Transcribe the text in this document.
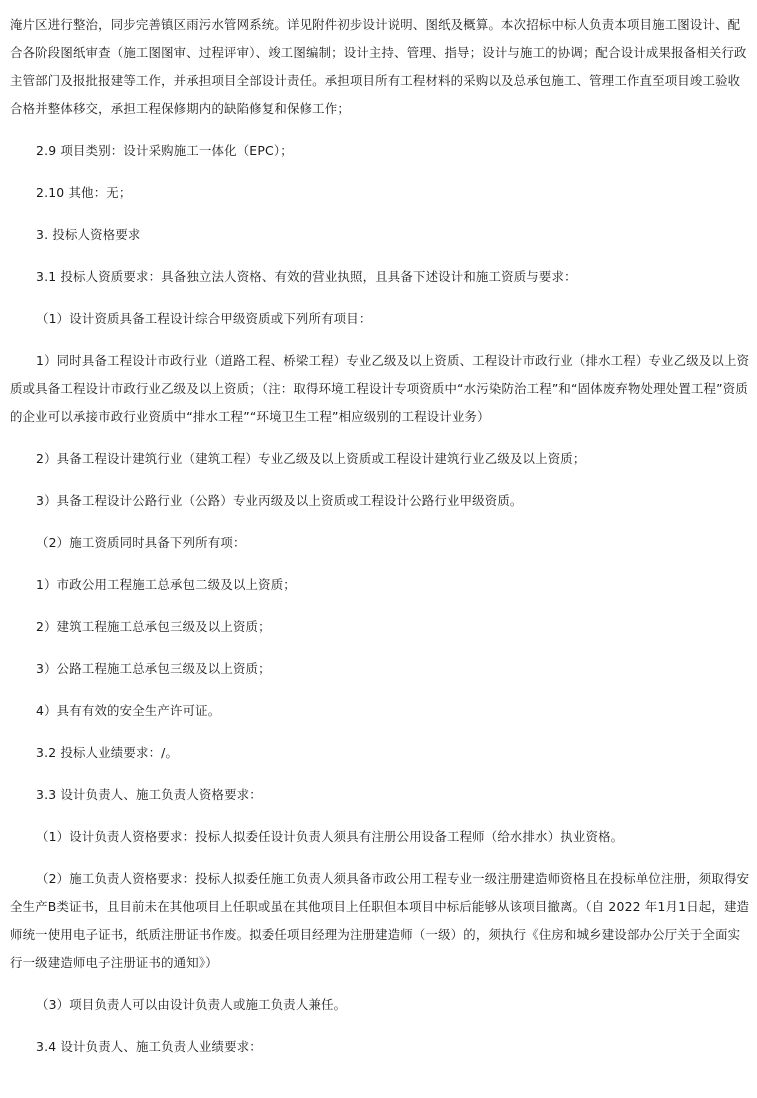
淹片区进行整治，同步完善镇区雨污水管网系统。详见附件初步设计说明、图纸及概算。本次招标中标人负责本项目施工图设计、配合各阶段图纸审查（施工图图审、过程评审）、竣工图编制；设计主持、管理、指导；设计与施工的协调；配合设计成果报备相关行政主管部门及报批报建等工作，并承担项目全部设计责任。承担项目所有工程材料的采购以及总承包施工、管理工作直至项目竣工验收合格并整体移交，承担工程保修期内的缺陷修复和保修工作；

2.9 项目类别：设计采购施工一体化（EPC）；

2.10 其他：无；

3. 投标人资格要求

3.1 投标人资质要求：具备独立法人资格、有效的营业执照，且具备下述设计和施工资质与要求：

（1）设计资质具备工程设计综合甲级资质或下列所有项目：

1）同时具备工程设计市政行业（道路工程、桥梁工程）专业乙级及以上资质、工程设计市政行业（排水工程）专业乙级及以上资质或具备工程设计市政行业乙级及以上资质；（注：取得环境工程设计专项资质中“水污染防治工程”和“固体废弃物处理处置工程”资质的企业可以承接市政行业资质中“排水工程”“环境卫生工程”相应级别的工程设计业务）

2）具备工程设计建筑行业（建筑工程）专业乙级及以上资质或工程设计建筑行业乙级及以上资质；

3）具备工程设计公路行业（公路）专业丙级及以上资质或工程设计公路行业甲级资质。

（2）施工资质同时具备下列所有项：

1）市政公用工程施工总承包二级及以上资质；

2）建筑工程施工总承包三级及以上资质；

3）公路工程施工总承包三级及以上资质；

4）具有有效的安全生产许可证。

3.2 投标人业绩要求：/。

3.3 设计负责人、施工负责人资格要求：

（1）设计负责人资格要求：投标人拟委任设计负责人须具有注册公用设备工程师（给水排水）执业资格。

（2）施工负责人资格要求：投标人拟委任施工负责人须具备市政公用工程专业一级注册建造师资格且在投标单位注册，须取得安全生产B类证书，且目前未在其他项目上任职或虽在其他项目上任职但本项目中标后能够从该项目撤离。（自 2022 年1月1日起，建造师统一使用电子证书，纸质注册证书作废。拟委任项目经理为注册建造师（一级）的，须执行《住房和城乡建设部办公厅关于全面实行一级建造师电子注册证书的通知》）

（3）项目负责人可以由设计负责人或施工负责人兼任。

3.4 设计负责人、施工负责人业绩要求：
